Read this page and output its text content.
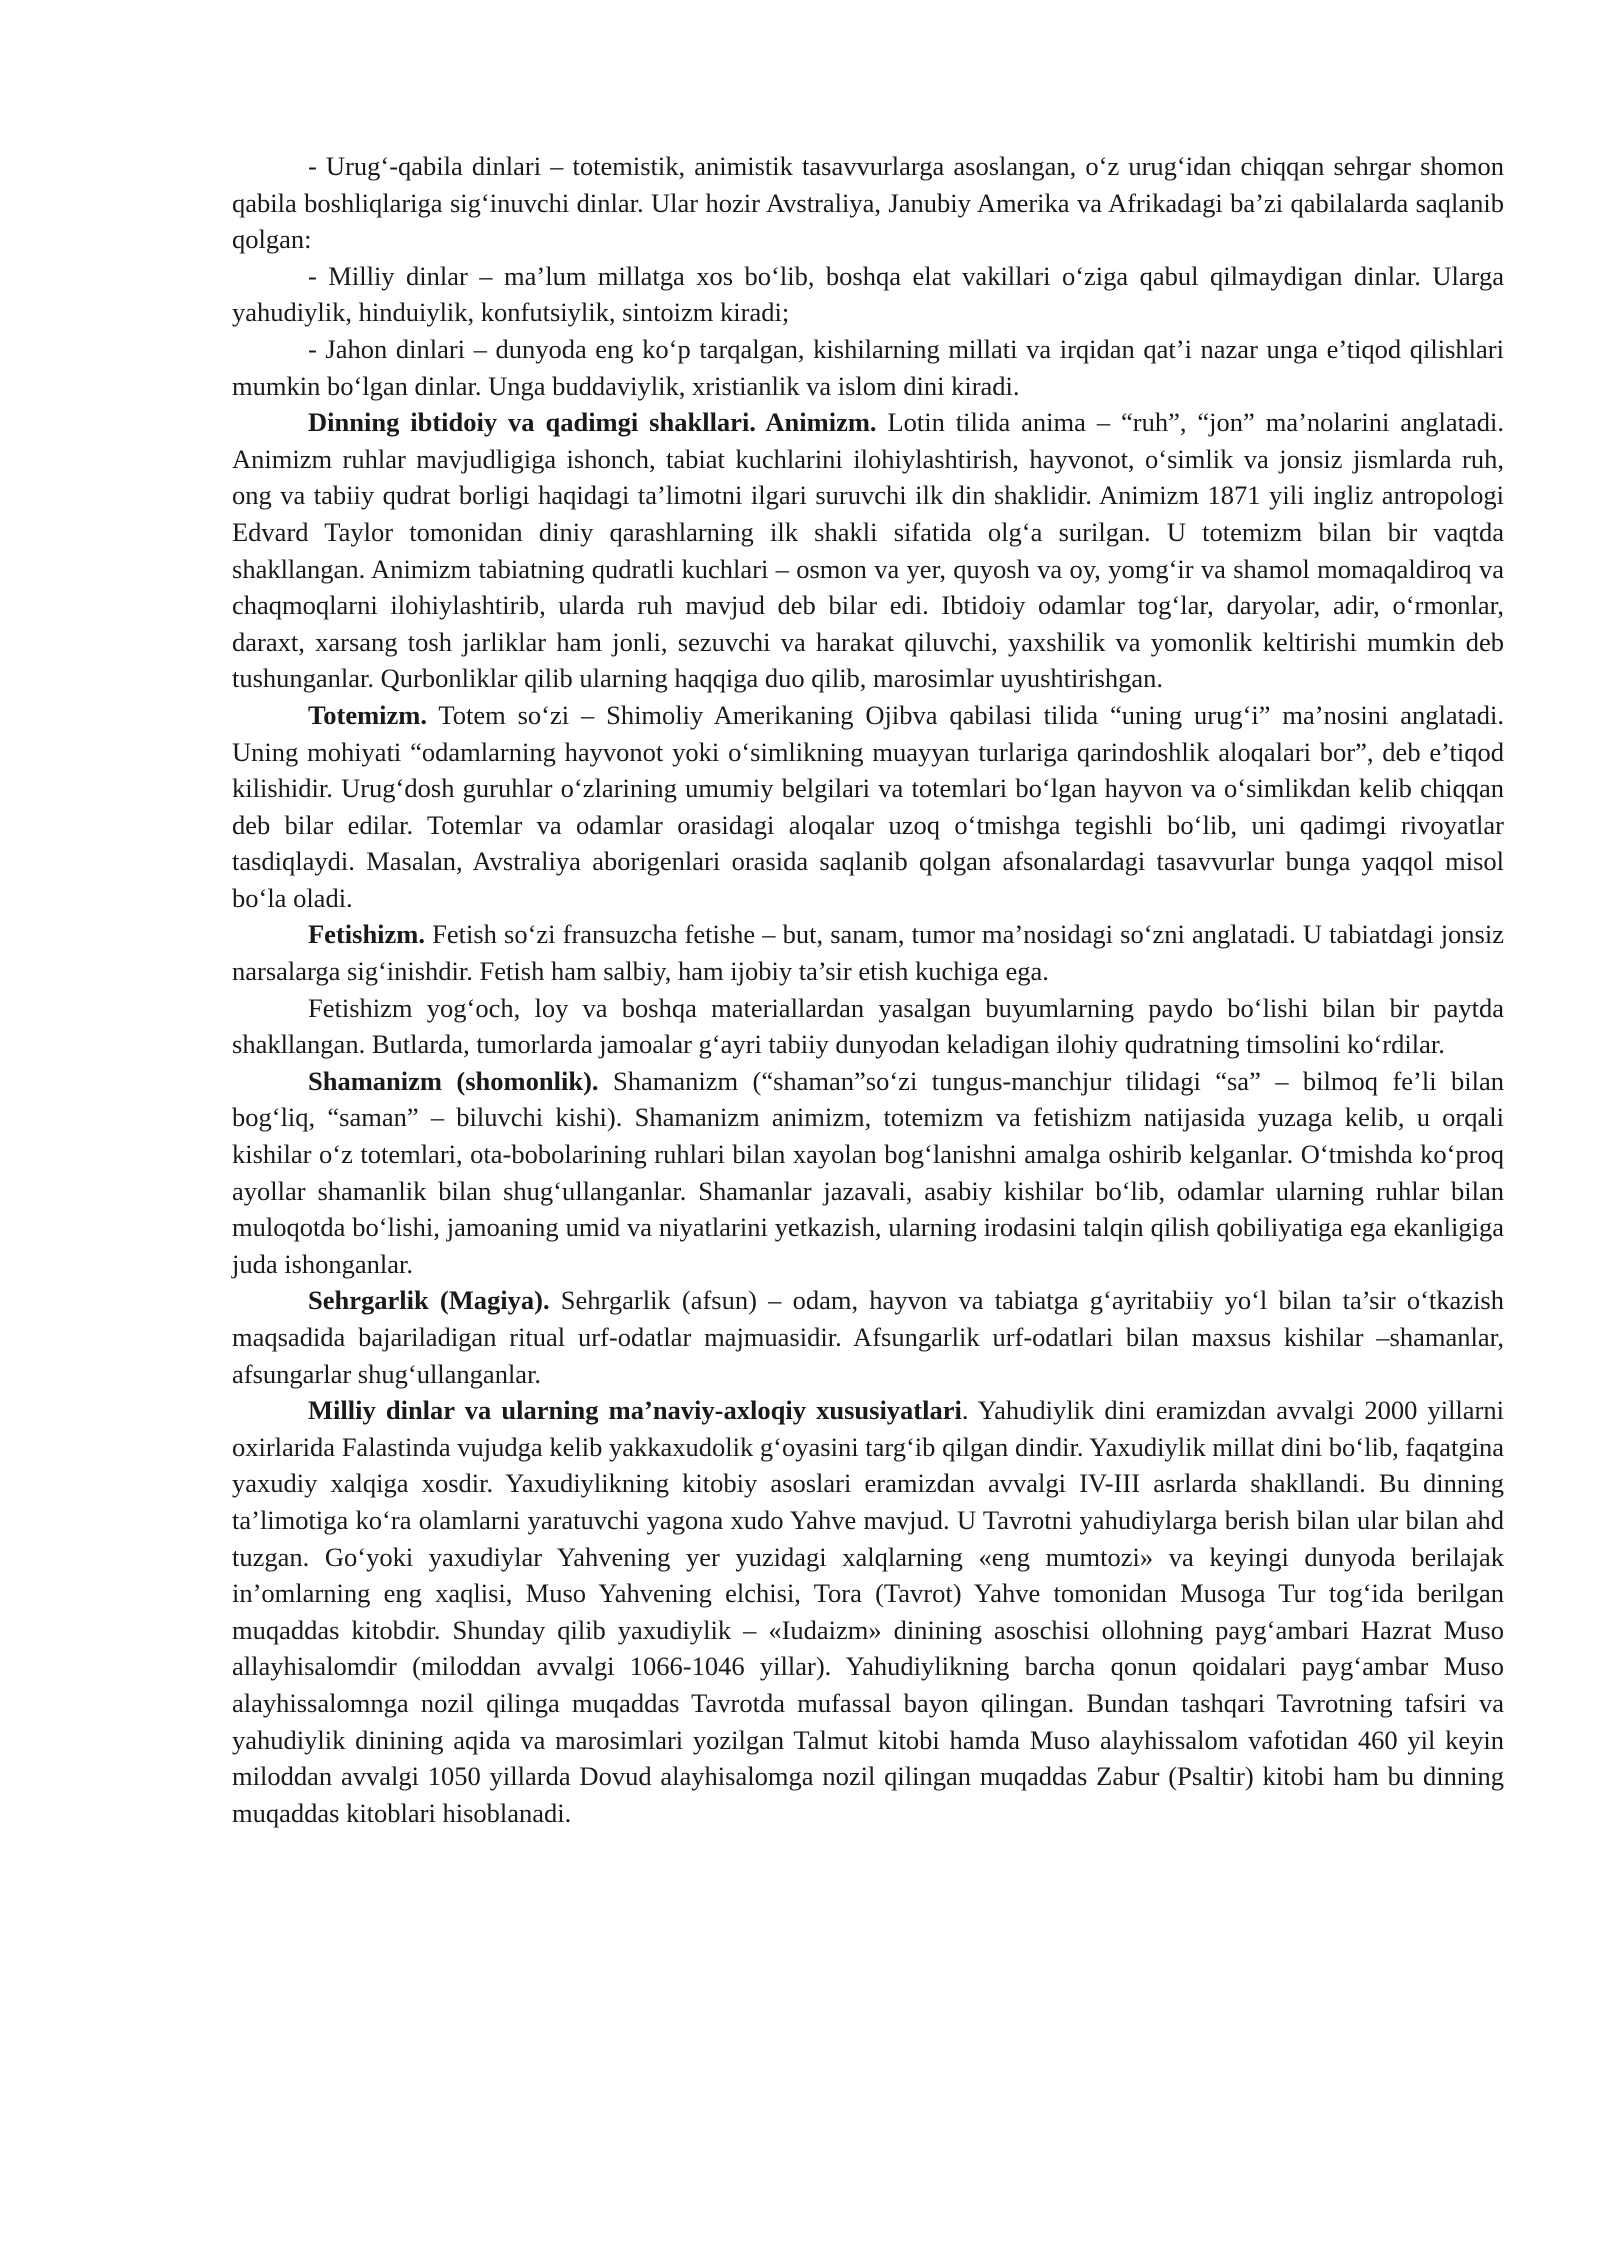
- Urug‘-qabila dinlari – totemistik, animistik tasavvurlarga asoslangan, o‘z urug‘idan chiqqan sehrgar shomon qabila boshliqlariga sig‘inuvchi dinlar. Ular hozir Avstraliya, Janubiy Amerika va Afrikadagi ba’zi qabilalarda saqlanib qolgan:

- Milliy dinlar – ma’lum millatga xos bo‘lib, boshqa elat vakillari o‘ziga qabul qilmaydigan dinlar. Ularga yahudiylik, hinduiylik, konfutsiylik, sintoizm kiradi;

- Jahon dinlari – dunyoda eng ko‘p tarqalgan, kishilarning millati va irqidan qat’i nazar unga e’tiqod qilishlari mumkin bo‘lgan dinlar. Unga buddaviylik, xristianlik va islom dini kiradi.

Dinning ibtidoiy va qadimgi shakllari. Animizm. Lotin tilida anima – “ruh”, “jon” ma’nolarini anglatadi. Animizm ruhlar mavjudligiga ishonch, tabiat kuchlarini ilohiylashtirish, hayvonot, o‘simlik va jonsiz jismlarda ruh, ong va tabiiy qudrat borligi haqidagi ta’limotni ilgari suruvchi ilk din shaklidir. Animizm 1871 yili ingliz antropologi Edvard Taylor tomonidan diniy qarashlarning ilk shakli sifatida olg‘a surilgan. U totemizm bilan bir vaqtda shakllangan. Animizm tabiatning qudratli kuchlari – osmon va yer, quyosh va oy, yomg‘ir va shamol momaqaldiroq va chaqmoqlarni ilohiylashtirib, ularda ruh mavjud deb bilar edi. Ibtidoiy odamlar tog‘lar, daryolar, adir, o‘rmonlar, daraxt, xarsang tosh jarliklar ham jonli, sezuvchi va harakat qiluvchi, yaxshilik va yomonlik keltirishi mumkin deb tushunganlar. Qurbonliklar qilib ularning haqqiga duo qilib, marosimlar uyushtirishgan.

Totemizm. Totem so‘zi – Shimoliy Amerikaning Ojibva qabilasi tilida “uning urug‘i” ma’nosini anglatadi. Uning mohiyati “odamlarning hayvonot yoki o‘simlikning muayyan turlariga qarindoshlik aloqalari bor”, deb e’tiqod kilishidir. Urug‘dosh guruhlar o‘zlarining umumiy belgilari va totemlari bo‘lgan hayvon va o‘simlikdan kelib chiqqan deb bilar edilar. Totemlar va odamlar orasidagi aloqalar uzoq o‘tmishga tegishli bo‘lib, uni qadimgi rivoyatlar tasdiqlaydi. Masalan, Avstraliya aborigenlari orasida saqlanib qolgan afsonalardagi tasavvurlar bunga yaqqol misol bo‘la oladi.

Fetishizm. Fetish so‘zi fransuzcha fetishe – but, sanam, tumor ma’nosidagi so‘zni anglatadi. U tabiatdagi jonsiz narsalarga sig‘inishdir. Fetish ham salbiy, ham ijobiy ta’sir etish kuchiga ega.

Fetishizm yog‘och, loy va boshqa materiallardan yasalgan buyumlarning paydo bo‘lishi bilan bir paytda shakllangan. Butlarda, tumorlarda jamoalar g‘ayri tabiiy dunyodan keladigan ilohiy qudratning timsolini ko‘rdilar.

Shamanizm (shomonlik). Shamanizm (“shaman”so‘zi tungus-manchjur tilidagi “sa” – bilmoq fe’li bilan bog‘liq, “saman” – biluvchi kishi). Shamanizm animizm, totemizm va fetishizm natijasida yuzaga kelib, u orqali kishilar o‘z totemlari, ota-bobolarining ruhlari bilan xayolan bog‘lanishni amalga oshirib kelganlar. O‘tmishda ko‘proq ayollar shamanlik bilan shug‘ullanganlar. Shamanlar jazavali, asabiy kishilar bo‘lib, odamlar ularning ruhlar bilan muloqotda bo‘lishi, jamoaning umid va niyatlarini yetkazish, ularning irodasini talqin qilish qobiliyatiga ega ekanligiga juda ishonganlar.

Sehrgarlik (Magiya). Sehrgarlik (afsun) – odam, hayvon va tabiatga g‘ayritabiiy yo‘l bilan ta’sir o‘tkazish maqsadida bajariladigan ritual urf-odatlar majmuasidir. Afsungarlik urf-odatlari bilan maxsus kishilar –shamanlar, afsungarlar shug‘ullanganlar.

Milliy dinlar va ularning ma’naviy-axloqiy xususiyatlari. Yahudiylik dini eramizdan avvalgi 2000 yillarni oxirlarida Falastinda vujudga kelib yakkaxudolik g‘oyasini targ‘ib qilgan dindir. Yaxudiylik millat dini bo‘lib, faqatgina yaxudiy xalqiga xosdir. Yaxudiylikning kitobiy asoslari eramizdan avvalgi IV-III asrlarda shakllandi. Bu dinning ta’limotiga ko‘ra olamlarni yaratuvchi yagona xudo Yahve mavjud. U Tavrotni yahudiylarga berish bilan ular bilan ahd tuzgan. Go‘yoki yaxudiylar Yahvening yer yuzidagi xalqlarning «eng mumtozi» va keyingi dunyoda berilajak in’omlarning eng xaqlisi, Muso Yahvening elchisi, Tora (Tavrot) Yahve tomonidan Musoga Tur tog‘ida berilgan muqaddas kitobdir. Shunday qilib yaxudiylik – «Iudaizm» dinining asoschisi ollohning payg‘ambari Hazrat Muso allayhisalomdir (miloddan avvalgi 1066-1046 yillar). Yahudiylikning barcha qonun qoidalari payg‘ambar Muso alayhissalomnga nozil qilinga muqaddas Tavrotda mufassal bayon qilingan. Bundan tashqari Tavrotning tafsiri va yahudiylik dinining aqida va marosimlari yozilgan Talmut kitobi hamda Muso alayhissalom vafotidan 460 yil keyin miloddan avvalgi 1050 yillarda Dovud alayhisalomga nozil qilingan muqaddas Zabur (Psaltir) kitobi ham bu dinning muqaddas kitoblari hisoblanadi.
